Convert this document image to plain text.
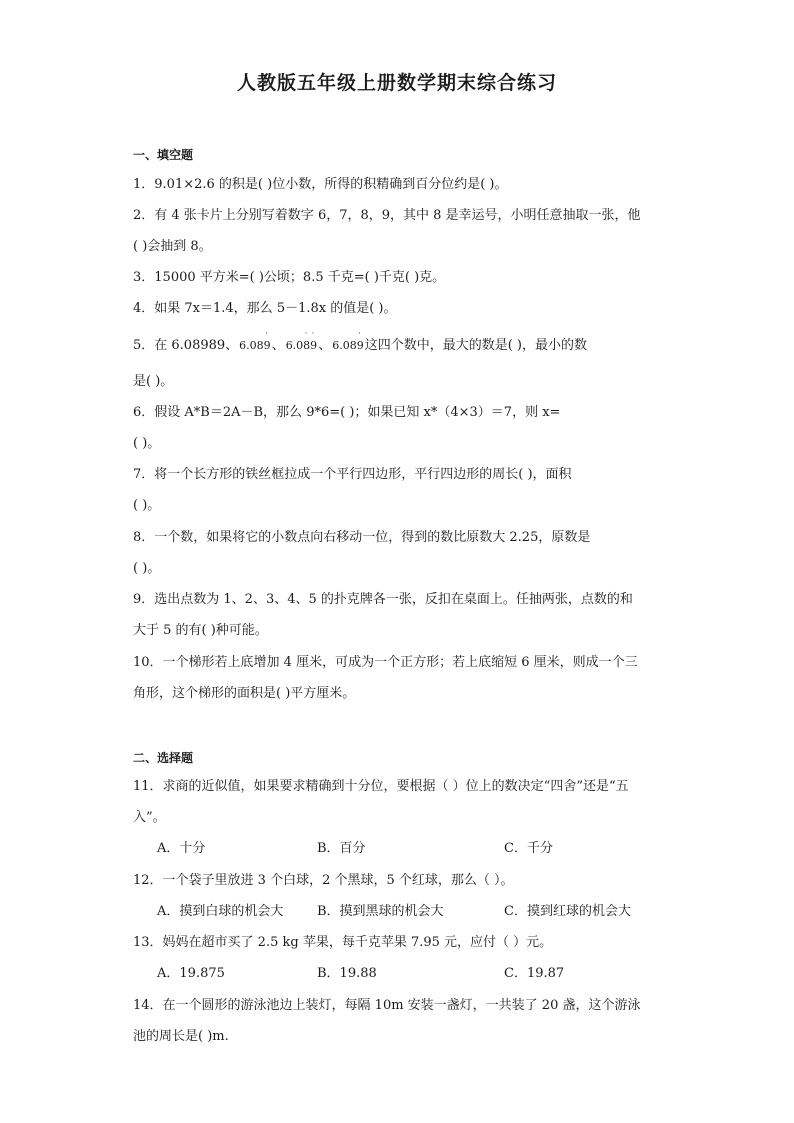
人教版五年级上册数学期末综合练习
一、填空题
1．9.01×2.6 的积是( )位小数，所得的积精确到百分位约是( )。
2．有 4 张卡片上分别写着数字 6，7，8，9，其中 8 是幸运号，小明任意抽取一张，他
( )会抽到 8。
3．15000 平方米=( )公顷；8.5 千克=( )千克( )克。
4．如果 7x＝1.4，那么 5－1.8x 的值是( )。
5．在 6.08989、
·
6.089、
· ·
6.089、
·
6.089这四个数中，最大的数是( )，最小的数
是( )。
6．假设 A*B＝2A－B，那么 9*6=( )；如果已知 x*（4×3）＝7，则 x=
( )。
7．将一个长方形的铁丝框拉成一个平行四边形，平行四边形的周长( )，面积
( )。
8．一个数，如果将它的小数点向右移动一位，得到的数比原数大 2.25，原数是
( )。
9．选出点数为 1、2、3、4、5 的扑克牌各一张，反扣在桌面上。任抽两张，点数的和
大于 5 的有( )种可能。
10．一个梯形若上底增加 4 厘米，可成为一个正方形；若上底缩短 6 厘米，则成一个三
角形，这个梯形的面积是( )平方厘米。
二、选择题
11．求商的近似值，如果要求精确到十分位，要根据（ ）位上的数决定“四舍”还是“五
入”。
A．十分	B．百分	C．千分
12．一个袋子里放进 3 个白球，2 个黑球，5 个红球，那么（ ）。
A．摸到白球的机会大	B．摸到黑球的机会大	C．摸到红球的机会大
13．妈妈在超市买了 2.5 kg 苹果，每千克苹果 7.95 元，应付（ ）元。
A．19.875	B．19.88	C．19.87
14．在一个圆形的游泳池边上装灯，每隔 10m 安装一盏灯，一共装了 20 盏，这个游泳
池的周长是( )m.
